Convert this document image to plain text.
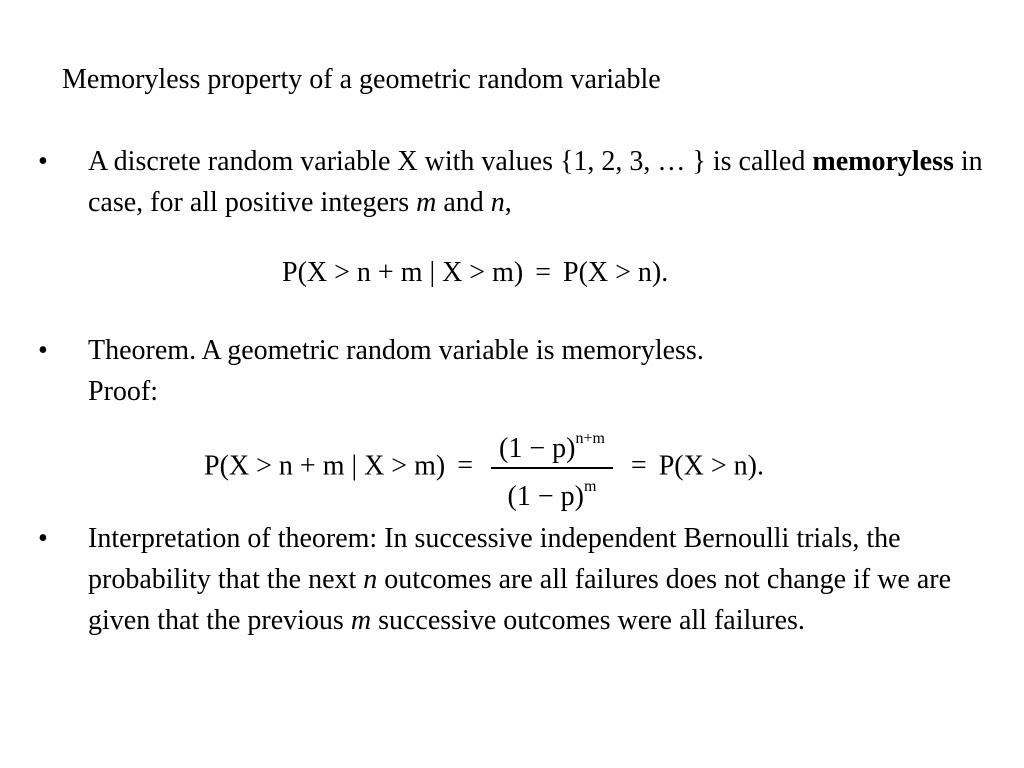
Memoryless property of a geometric random variable
• A discrete random variable X with values {1, 2, 3, … } is called memoryless in case, for all positive integers m and n,
P(X > n + m | X > m) = P(X > n).
• Theorem. A geometric random variable is memoryless.
Proof:
P(X > n + m | $X > m) = \frac{(1 - p)^{n+m}}{(1 - p)^m} = P(X > n)$.
• Interpretation of theorem: In successive independent Bernoulli trials, the probability that the next n outcomes are all failures does not change if we are given that the previous m successive outcomes were all failures.
